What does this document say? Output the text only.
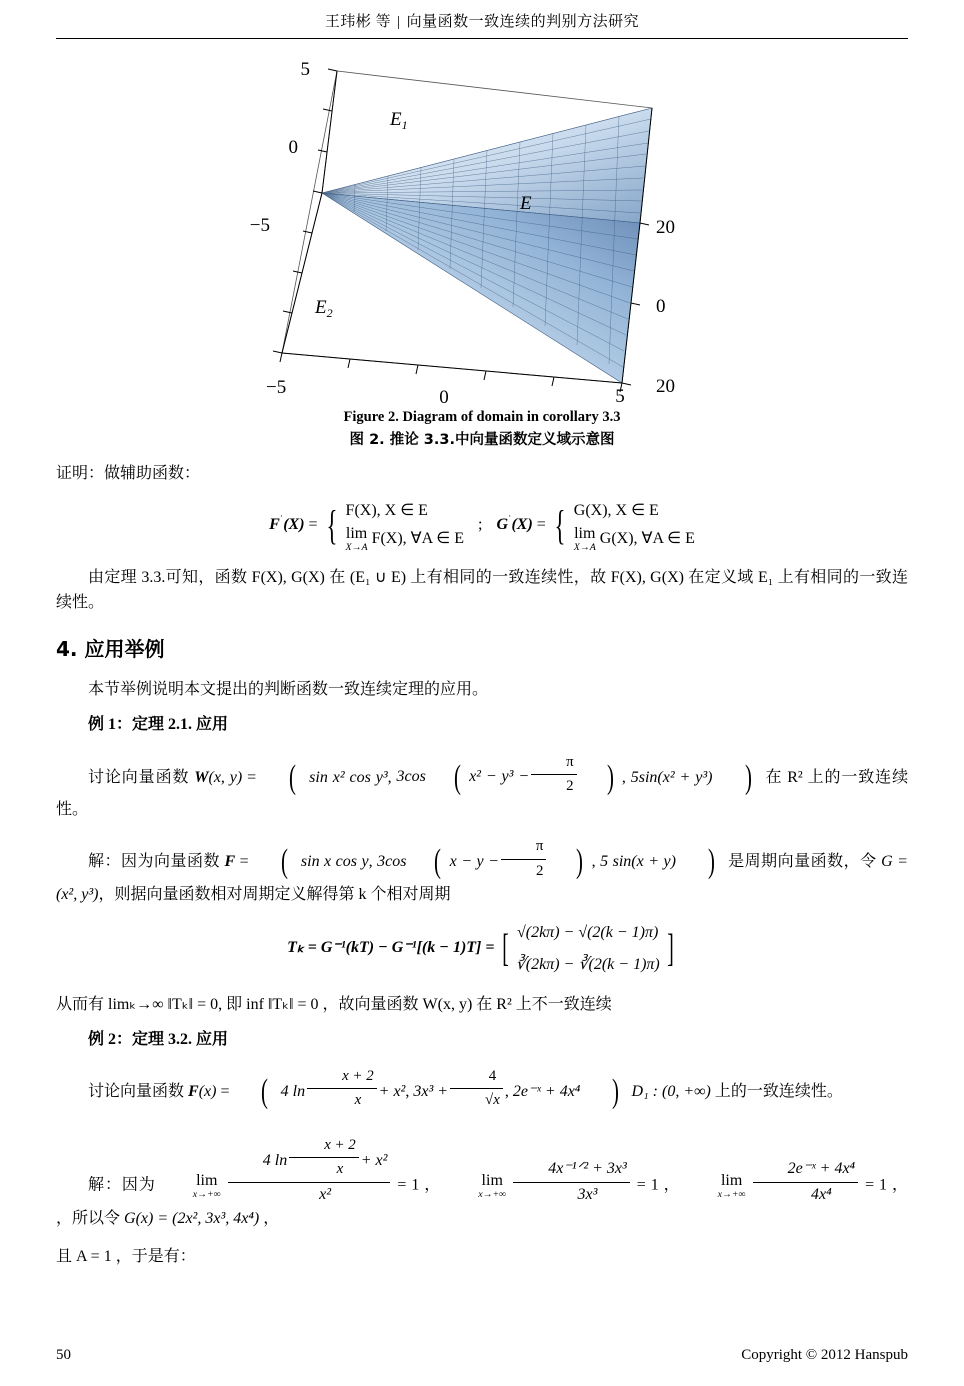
王玮彬 等 | 向量函数一致连续的判别方法研究
5
0
−5
−5	0	5
20
0
20
$E_1$
$E_2$
E
Figure 2. Diagram of domain in corollary 3.3
图 2. 推论 3.3.中向量函数定义域示意图
证明：做辅助函数：
F˙(X) = { F(X), X ∈ E
lim
X→A
F(X), ∀A ∈ E
; G˙(X) = { G(X), X ∈ E
lim
X→A
G(X), ∀A ∈ E
由定理 3.3.可知，函数 F(X), G(X) 在 (E₁ ∪ E) 上有相同的一致连续性，故 F(X), G(X) 在定义域 E₁ 上有相同的一致连续性。
4. 应用举例
本节举例说明本文提出的判断函数一致连续定理的应用。
例 1：定理 2.1. 应用
讨论向量函数 W(x, y) = ( sin x² cos y³, 3cos ( $x^2 - y^3 - \frac{\pi}{2}$ ) , 5sin(x² + y³) ) 在 R² 上的一致连续性。
解：因为向量函数 F = ( sin x cos y, 3cos ( $x - y - \frac{\pi}{2}$ ) , 5 sin(x + y) ) 是周期向量函数，令 G = (x², y³)，则据向量函数相对周期定义解得第 k 个相对周期
Tₖ = G⁻¹(kT) − G⁻¹[(k − 1)T] = [ √(2kπ) − √(2(k − 1)π)
∛(2kπ) − ∛(2(k − 1)π) ]
从而有 limₖ→∞ ‖Tₖ‖ = 0, 即 inf ‖Tₖ‖ = 0 ，故向量函数 W(x, y) 在 R² 上不一致连续
例 2：定理 3.2. 应用
讨论向量函数 F(x) = ( 4 $\ln \frac{x + 2}{x} + x^2$, $3x^3 + \frac{4}{√x}$ , 2e⁻ˣ + 4x⁴ ) D₁ : (0, +∞) 上的一致连续性。
解：因为	lim
x→+∞
$\frac{4 \ln \frac{x + 2}{x} + x^2}{\text{x²}} = 1$ ，	lim
x→+∞
$\frac{\text{4x⁻¹ᐟ² + 3x³}}{\text{3x³}} = 1$ ，	lim
x→+∞
$\frac{\text{2e⁻ˣ + 4x⁴}}{\text{4x⁴}} = 1$ ， ，所以令 G(x) = (2x², 3x³, 4x⁴) ，
且 A = 1 ，于是有：
50	Copyright © 2012 Hanspub
